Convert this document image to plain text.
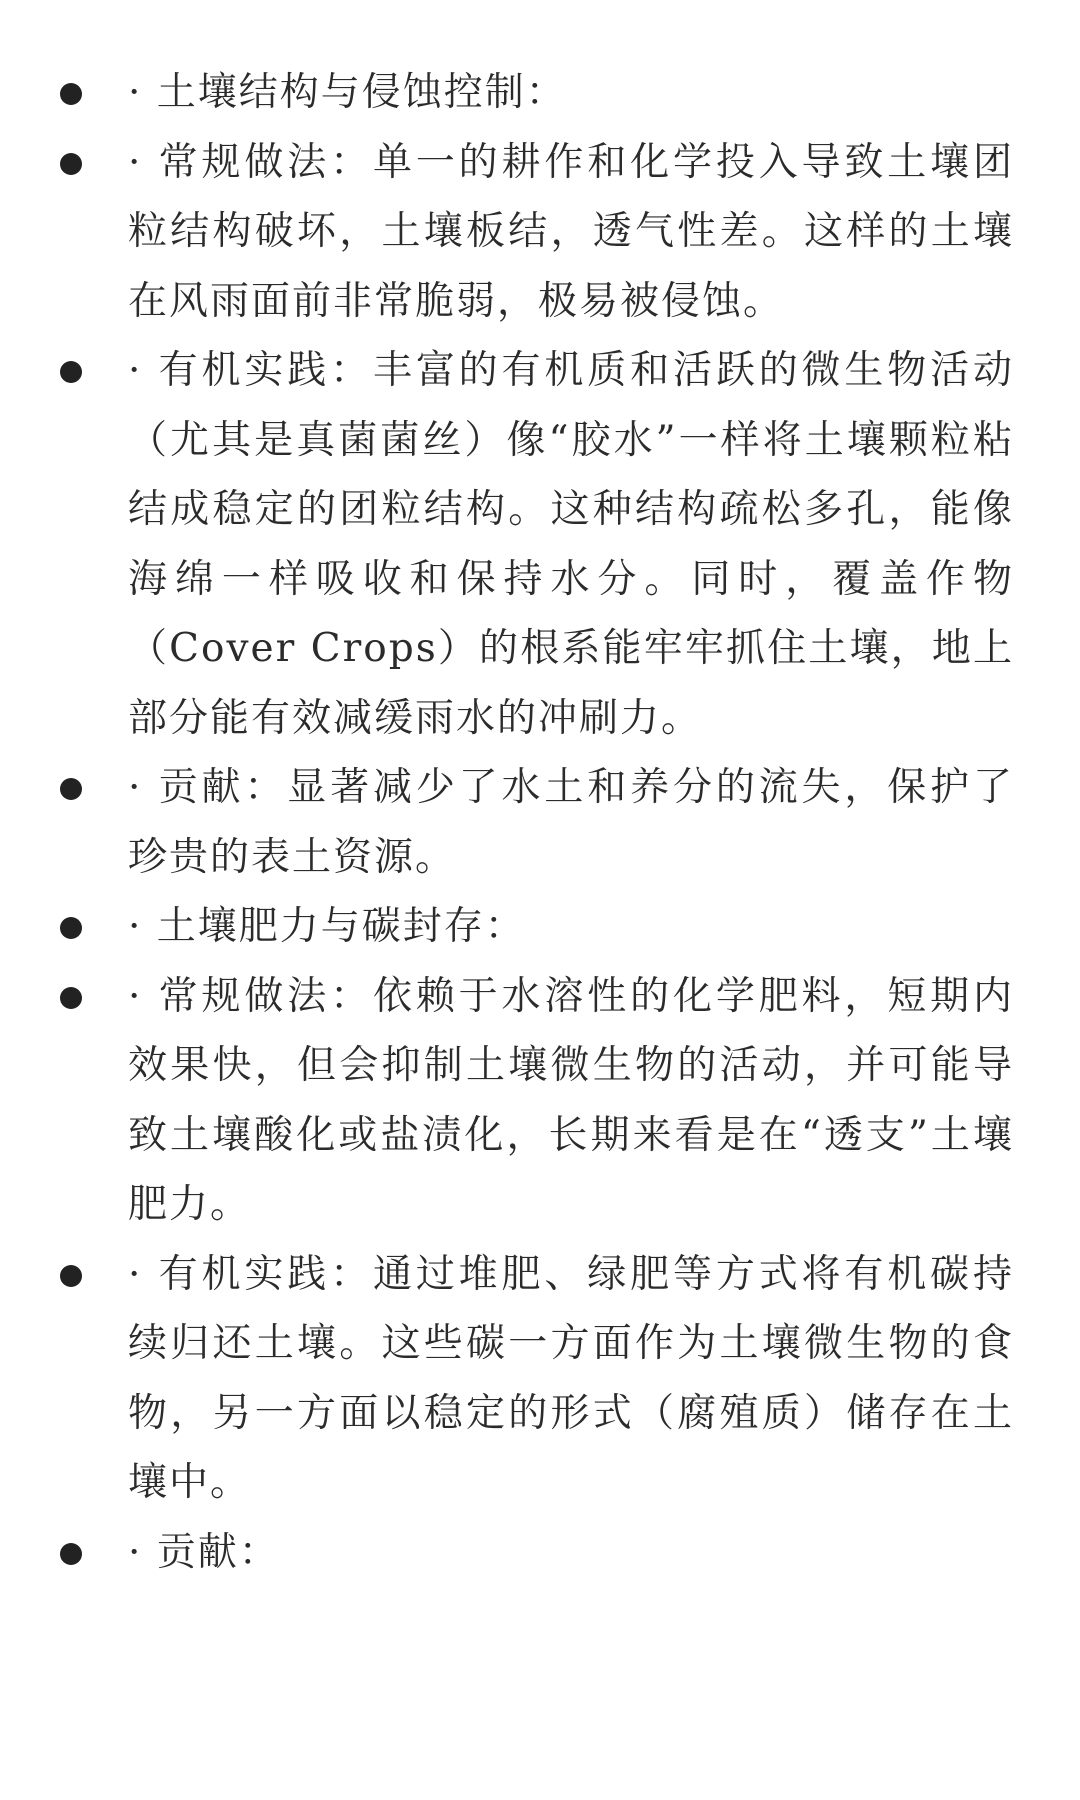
· 土壤结构与侵蚀控制：
· 常规做法：单一的耕作和化学投入导致土壤团粒结构破坏，土壤板结，透气性差。这样的土壤在风雨面前非常脆弱，极易被侵蚀。
· 有机实践：丰富的有机质和活跃的微生物活动（尤其是真菌菌丝）像“胶水”一样将土壤颗粒粘结成稳定的团粒结构。这种结构疏松多孔，能像海绵一样吸收和保持水分。同时，覆盖作物（Cover Crops）的根系能牢牢抓住土壤，地上部分能有效减缓雨水的冲刷力。
· 贡献：显著减少了水土和养分的流失，保护了珍贵的表土资源。
· 土壤肥力与碳封存：
· 常规做法：依赖于水溶性的化学肥料，短期内效果快，但会抑制土壤微生物的活动，并可能导致土壤酸化或盐渍化，长期来看是在“透支”土壤肥力。
· 有机实践：通过堆肥、绿肥等方式将有机碳持续归还土壤。这些碳一方面作为土壤微生物的食物，另一方面以稳定的形式（腐殖质）储存在土壤中。
· 贡献：
